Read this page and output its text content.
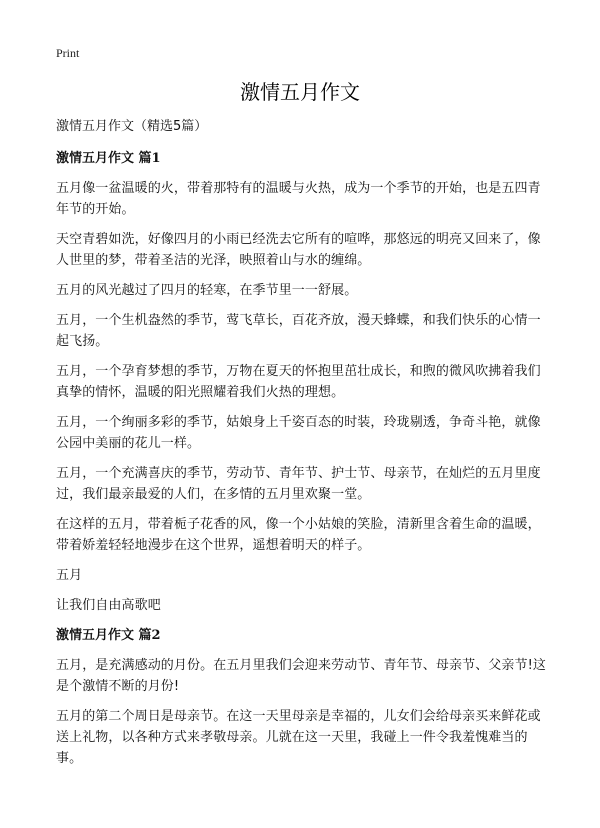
Print
激情五月作文

激情五月作文（精选5篇）

激情五月作文 篇1

五月像一盆温暖的火，带着那特有的温暖与火热，成为一个季节的开始，也是五四青年节的开始。

天空青碧如洗，好像四月的小雨已经洗去它所有的喧哗，那悠远的明亮又回来了，像人世里的梦，带着圣洁的光泽，映照着山与水的缠绵。

五月的风光越过了四月的轻寒，在季节里一一舒展。

五月，一个生机盎然的季节，莺飞草长，百花齐放，漫天蜂蝶，和我们快乐的心情一起飞扬。

五月，一个孕育梦想的季节，万物在夏天的怀抱里茁壮成长，和煦的微风吹拂着我们真挚的情怀，温暖的阳光照耀着我们火热的理想。

五月，一个绚丽多彩的季节，姑娘身上千姿百态的时装，玲珑剔透，争奇斗艳，就像公园中美丽的花儿一样。

五月，一个充满喜庆的季节，劳动节、青年节、护士节、母亲节，在灿烂的五月里度过，我们最亲最爱的人们，在多情的五月里欢聚一堂。

在这样的五月，带着栀子花香的风，像一个小姑娘的笑脸，清新里含着生命的温暖，带着娇羞轻轻地漫步在这个世界，遥想着明天的样子。

五月

让我们自由高歌吧

激情五月作文 篇2

五月，是充满感动的月份。在五月里我们会迎来劳动节、青年节、母亲节、父亲节!这是个激情不断的月份!

五月的第二个周日是母亲节。在这一天里母亲是幸福的，儿女们会给母亲买来鲜花或送上礼物，以各种方式来孝敬母亲。儿就在这一天里，我碰上一件令我羞愧难当的事。
